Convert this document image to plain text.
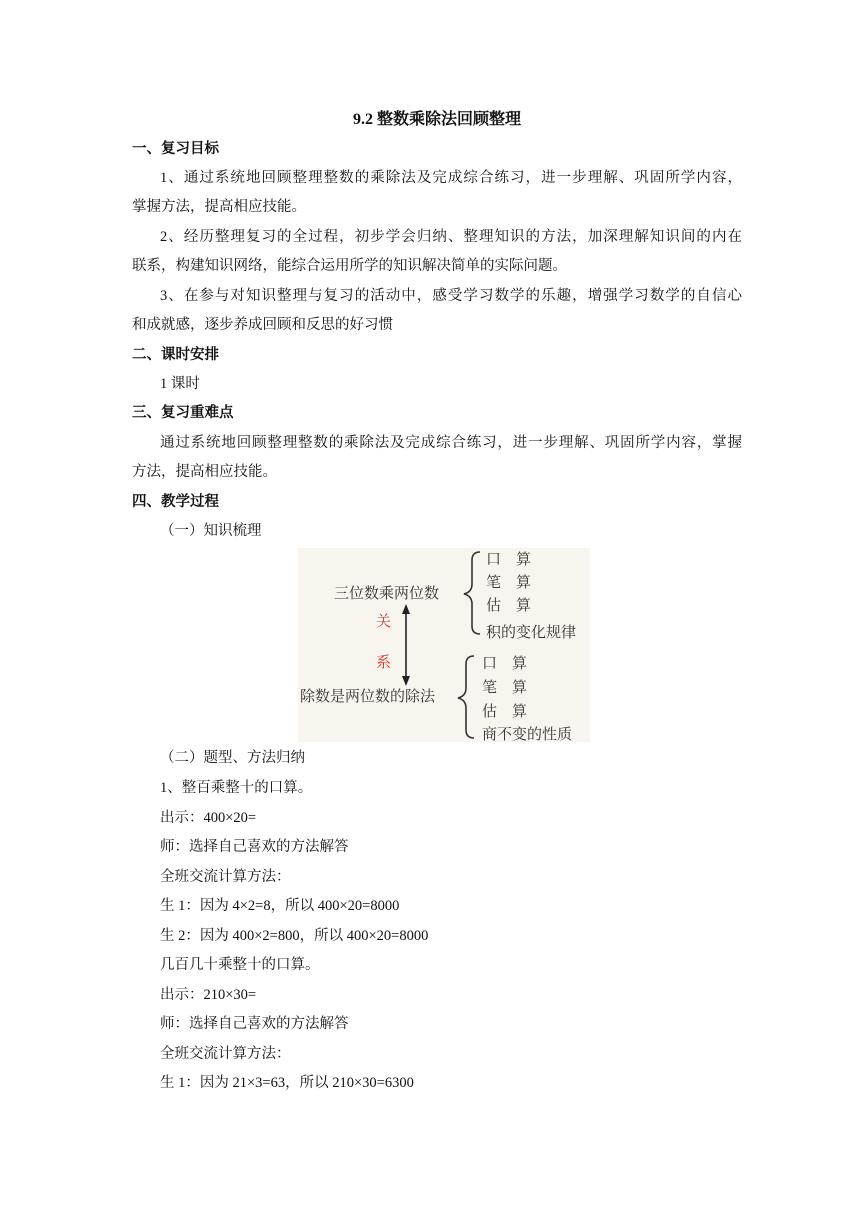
9.2 整数乘除法回顾整理
一、复习目标
1、通过系统地回顾整理整数的乘除法及完成综合练习，进一步理解、巩固所学内容，
掌握方法，提高相应技能。
2、经历整理复习的全过程，初步学会归纳、整理知识的方法，加深理解知识间的内在
联系，构建知识网络，能综合运用所学的知识解决简单的实际问题。
3、在参与对知识整理与复习的活动中，感受学习数学的乐趣，增强学习数学的自信心
和成就感，逐步养成回顾和反思的好习惯
二、课时安排
1 课时
三、复习重难点
通过系统地回顾整理整数的乘除法及完成综合练习，进一步理解、巩固所学内容，掌握
方法，提高相应技能。
四、教学过程
（一）知识梳理
三位数乘两位数
关
系
除数是两位数的除法
口　算
笔　算
估　算
积的变化规律
口　算
笔　算
估　算
商不变的性质
（二）题型、方法归纳
1、整百乘整十的口算。
出示：400×20=
师：选择自己喜欢的方法解答
全班交流计算方法：
生 1：因为 4×2=8，所以 400×20=8000
生 2：因为 400×2=800，所以 400×20=8000
几百几十乘整十的口算。
出示：210×30=
师：选择自己喜欢的方法解答
全班交流计算方法：
生 1：因为 21×3=63，所以 210×30=6300
